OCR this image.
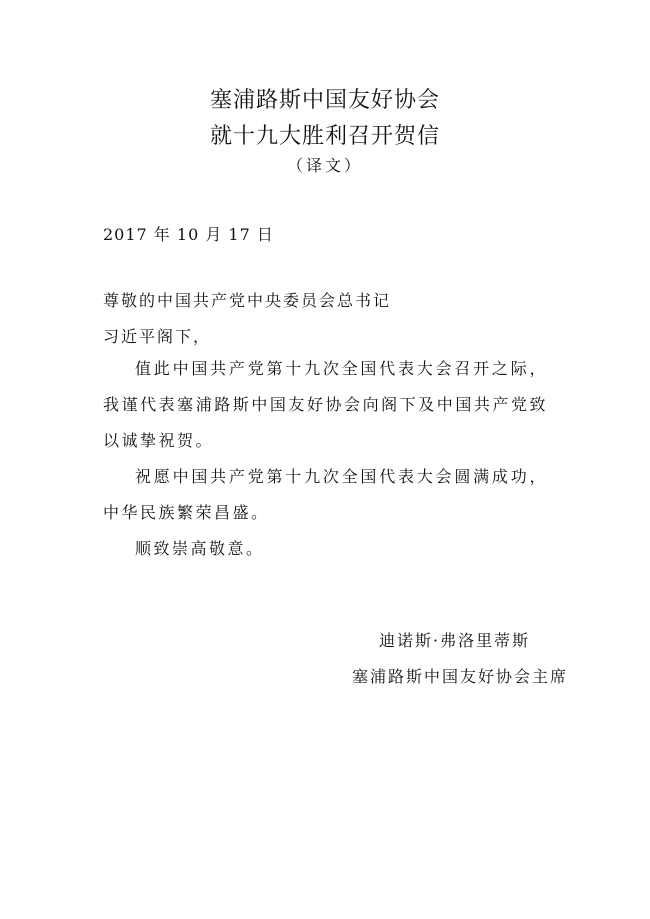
塞浦路斯中国友好协会
就十九大胜利召开贺信
（译文）
2017 年 10 月 17 日
尊敬的中国共产党中央委员会总书记
习近平阁下，
值此中国共产党第十九次全国代表大会召开之际，我谨代表塞浦路斯中国友好协会向阁下及中国共产党致以诚挚祝贺。
祝愿中国共产党第十九次全国代表大会圆满成功，中华民族繁荣昌盛。
顺致崇高敬意。
迪诺斯·弗洛里蒂斯
塞浦路斯中国友好协会主席
